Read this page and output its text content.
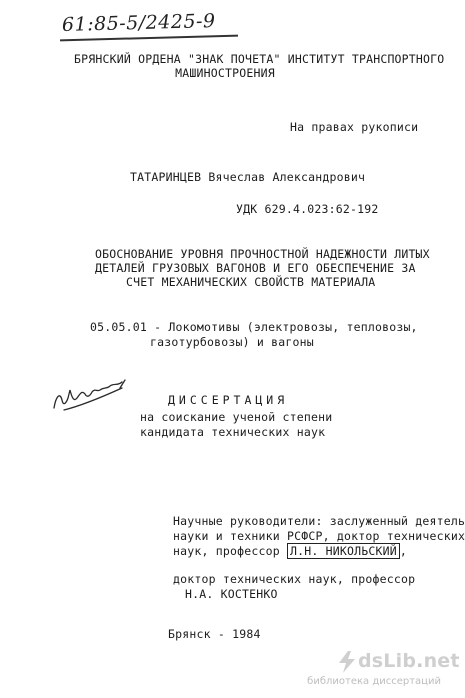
61:85-5/2425-9
БРЯНСКИЙ ОРДЕНА "ЗНАК ПОЧЕТА" ИНСТИТУТ ТРАНСПОРТНОГО
МАШИНОСТРОЕНИЯ
На правах рукописи
ТАТАРИНЦЕВ Вячеслав Александрович
УДК 629.4.023:62-192
ОБОСНОВАНИЕ УРОВНЯ ПРОЧНОСТНОЙ НАДЕЖНОСТИ ЛИТЫХ
ДЕТАЛЕЙ ГРУЗОВЫХ ВАГОНОВ И ЕГО ОБЕСПЕЧЕНИЕ ЗА
СЧЕТ МЕХАНИЧЕСКИХ СВОЙСТВ МАТЕРИАЛА
05.05.01 - Локомотивы (электровозы, тепловозы,
газотурбовозы) и вагоны
ДИССЕРТАЦИЯ
на соискание ученой степени
кандидата технических наук
Научные руководители: заслуженный деятель
науки и техники РСФСР, доктор технических
наук, профессор Л.Н. НИКОЛЬСКИЙ ,
доктор технических наук, профессор
Н.А. КОСТЕНКО
Брянск - 1984
dsLib.net
библиотека диссертаций
